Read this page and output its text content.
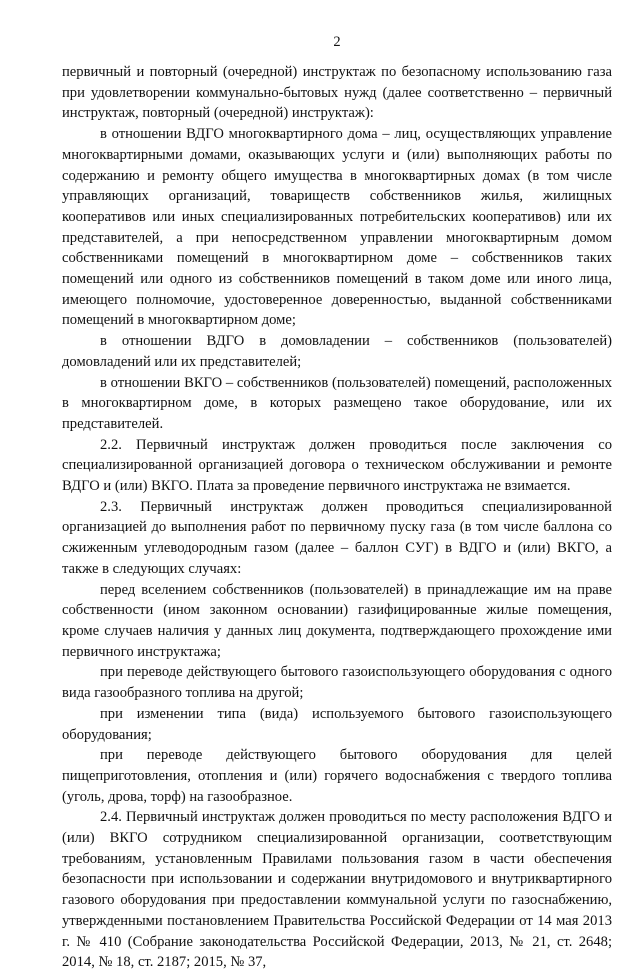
2

первичный и повторный (очередной) инструктаж по безопасному использованию газа при удовлетворении коммунально-бытовых нужд (далее соответственно – первичный инструктаж, повторный (очередной) инструктаж):

в отношении ВДГО многоквартирного дома – лиц, осуществляющих управление многоквартирными домами, оказывающих услуги и (или) выполняющих работы по содержанию и ремонту общего имущества в многоквартирных домах (в том числе управляющих организаций, товариществ собственников жилья, жилищных кооперативов или иных специализированных потребительских кооперативов) или их представителей, а при непосредственном управлении многоквартирным домом собственниками помещений в многоквартирном доме – собственников таких помещений или одного из собственников помещений в таком доме или иного лица, имеющего полномочие, удостоверенное доверенностью, выданной собственниками помещений в многоквартирном доме;

в отношении ВДГО в домовладении – собственников (пользователей) домовладений или их представителей;

в отношении ВКГО – собственников (пользователей) помещений, расположенных в многоквартирном доме, в которых размещено такое оборудование, или их представителей.

2.2. Первичный инструктаж должен проводиться после заключения со специализированной организацией договора о техническом обслуживании и ремонте ВДГО и (или) ВКГО. Плата за проведение первичного инструктажа не взимается.

2.3. Первичный инструктаж должен проводиться специализированной организацией до выполнения работ по первичному пуску газа (в том числе баллона со сжиженным углеводородным газом (далее – баллон СУГ) в ВДГО и (или) ВКГО, а также в следующих случаях:

перед вселением собственников (пользователей) в принадлежащие им на праве собственности (ином законном основании) газифицированные жилые помещения, кроме случаев наличия у данных лиц документа, подтверждающего прохождение ими первичного инструктажа;

при переводе действующего бытового газоиспользующего оборудования с одного вида газообразного топлива на другой;

при изменении типа (вида) используемого бытового газоиспользующего оборудования;

при переводе действующего бытового оборудования для целей пищеприготовления, отопления и (или) горячего водоснабжения с твердого топлива (уголь, дрова, торф) на газообразное.

2.4. Первичный инструктаж должен проводиться по месту расположения ВДГО и (или) ВКГО сотрудником специализированной организации, соответствующим требованиям, установленным Правилами пользования газом в части обеспечения безопасности при использовании и содержании внутридомового и внутриквартирного газового оборудования при предоставлении коммунальной услуги по газоснабжению, утвержденными постановлением Правительства Российской Федерации от 14 мая 2013 г. № 410 (Собрание законодательства Российской Федерации, 2013, № 21, ст. 2648; 2014, № 18, ст. 2187; 2015, № 37,
